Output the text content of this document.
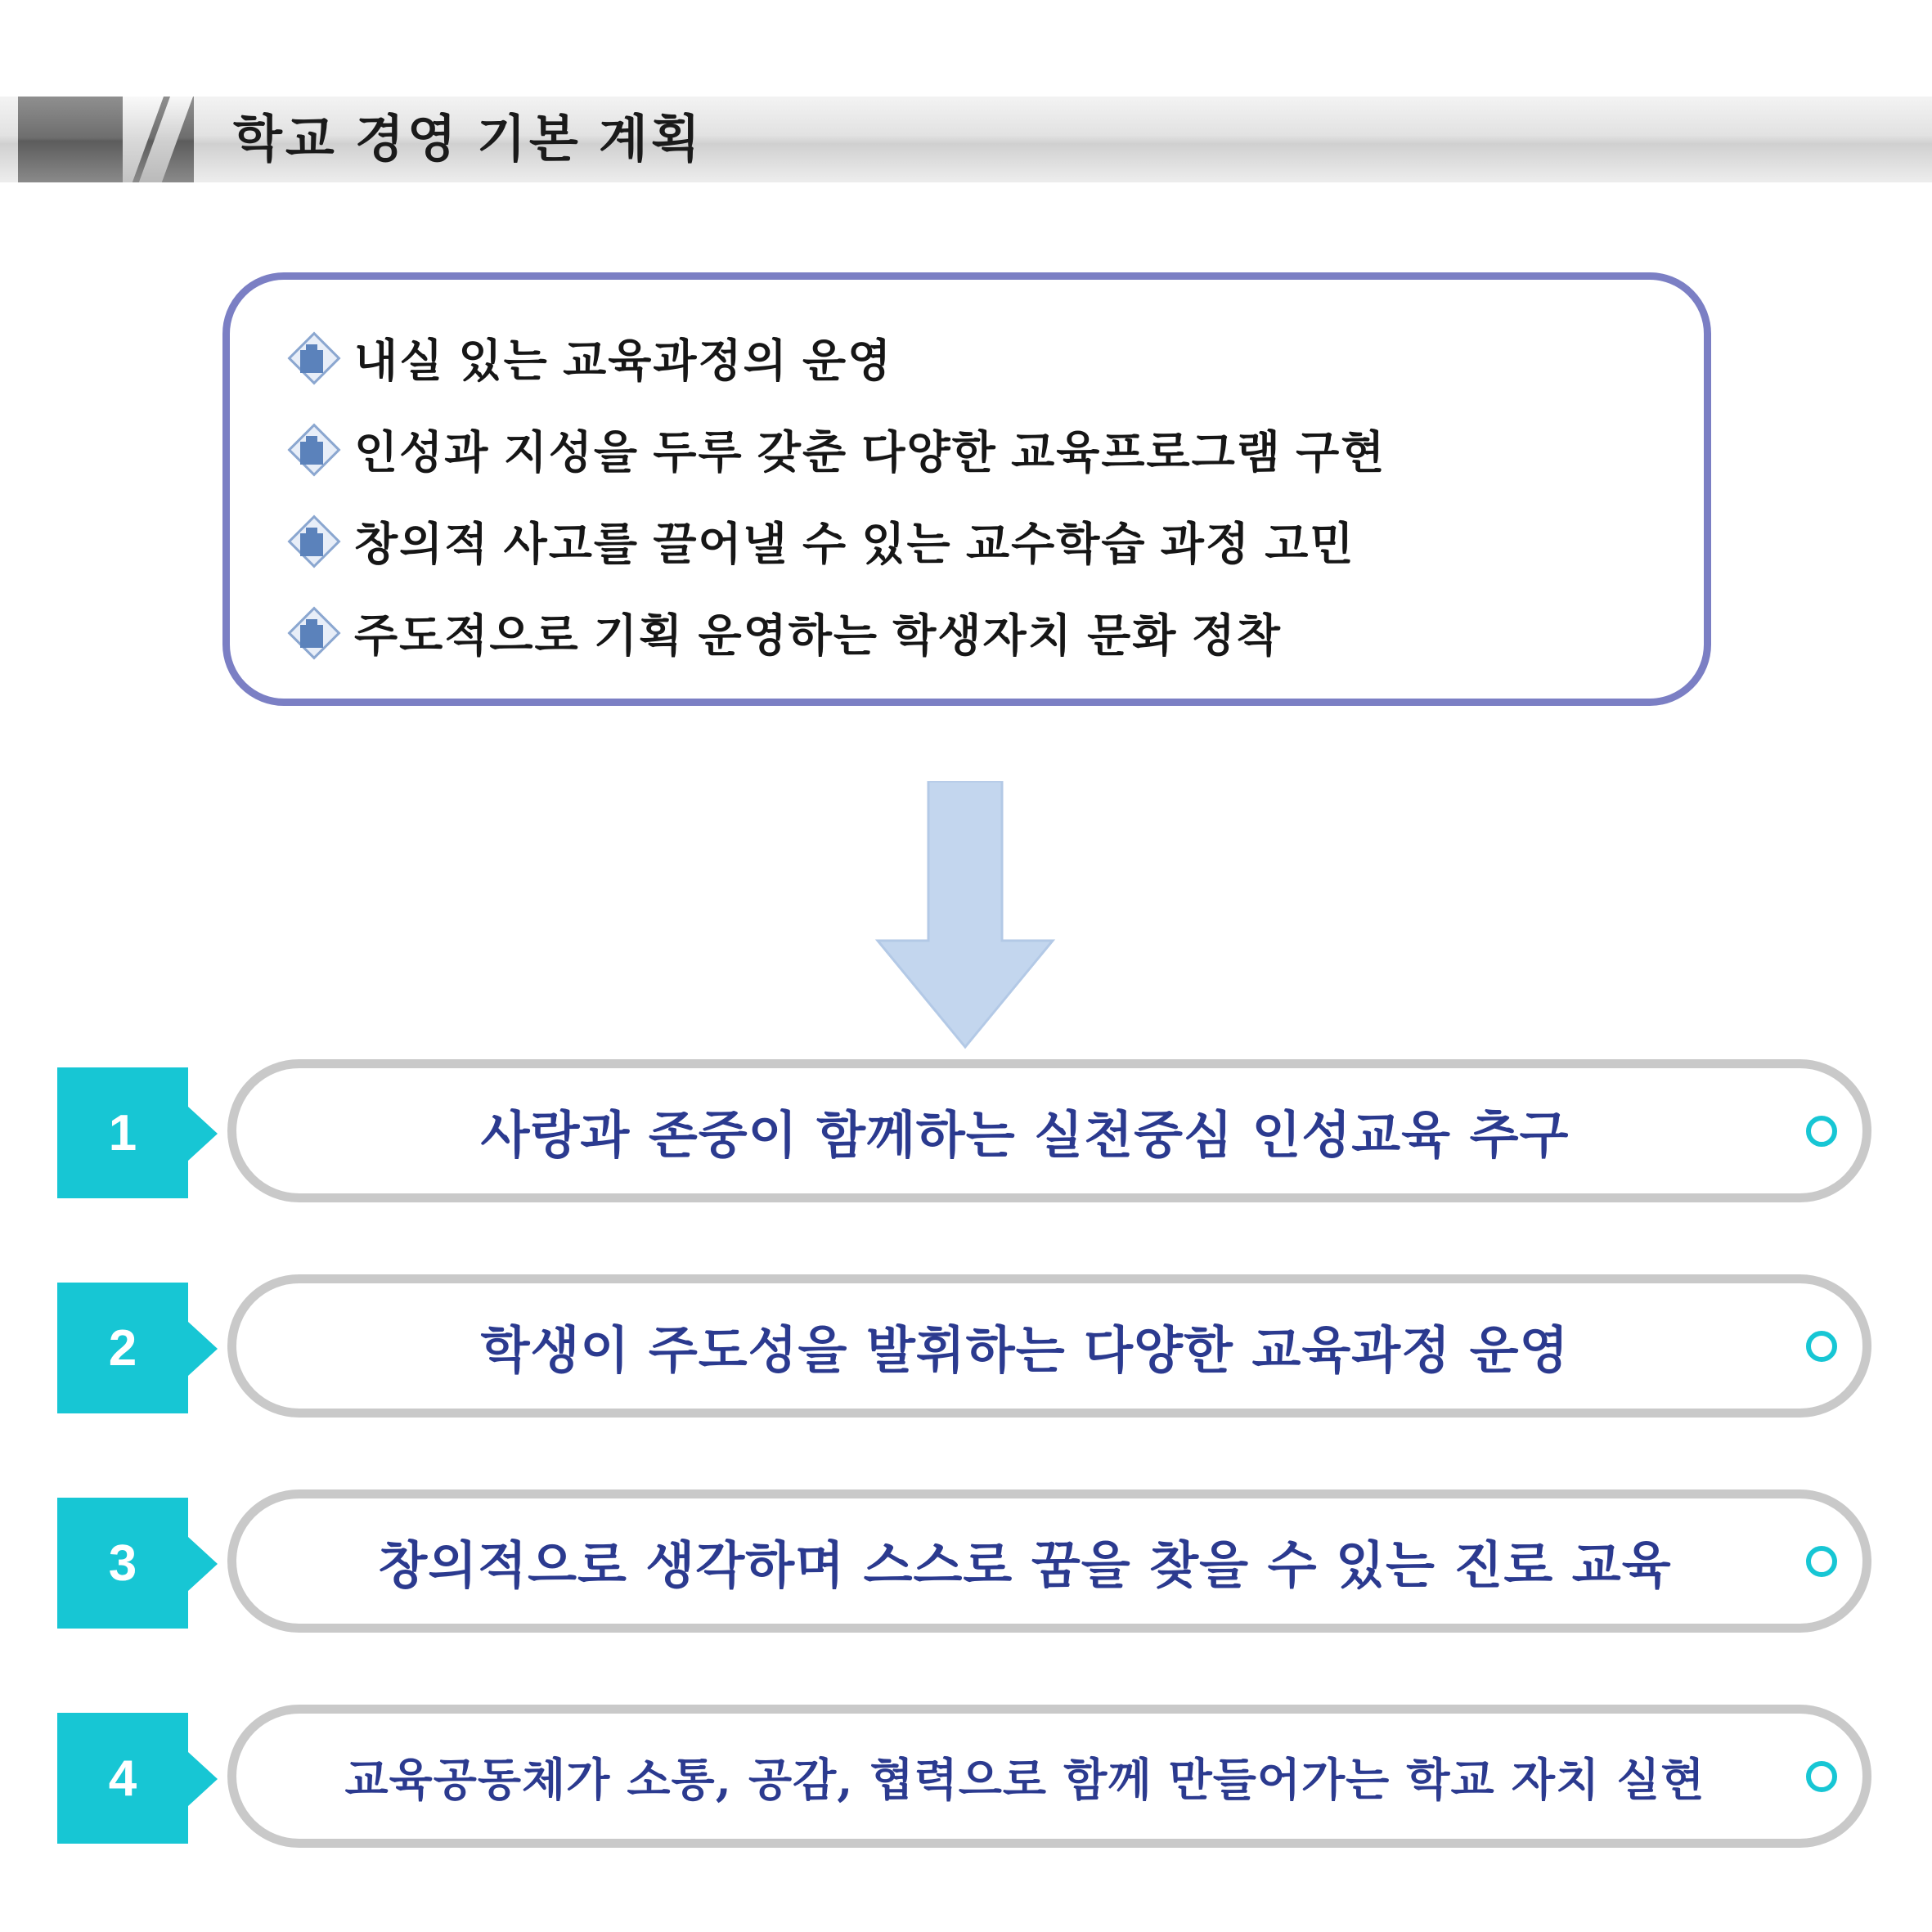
학교 경영 기본 계획
내실 있는 교육과정의 운영
인성과 지성을 두루 갖춘 다양한 교육프로그램 구현
창의적 사고를 끌어낼 수 있는 교수학습 과정 고민
주도적으로 기획 운영하는 학생자치 문화 정착
1	사랑과 존중이 함께하는 실천중심 인성교육 추구
2	학생이 주도성을 발휘하는 다양한 교육과정 운영
3	창의적으로 생각하며 스스로 꿈을 찾을 수 있는 진로 교육
4	교육공동체가 소통, 공감, 협력으로 함께 만들어가는 학교 자치 실현
